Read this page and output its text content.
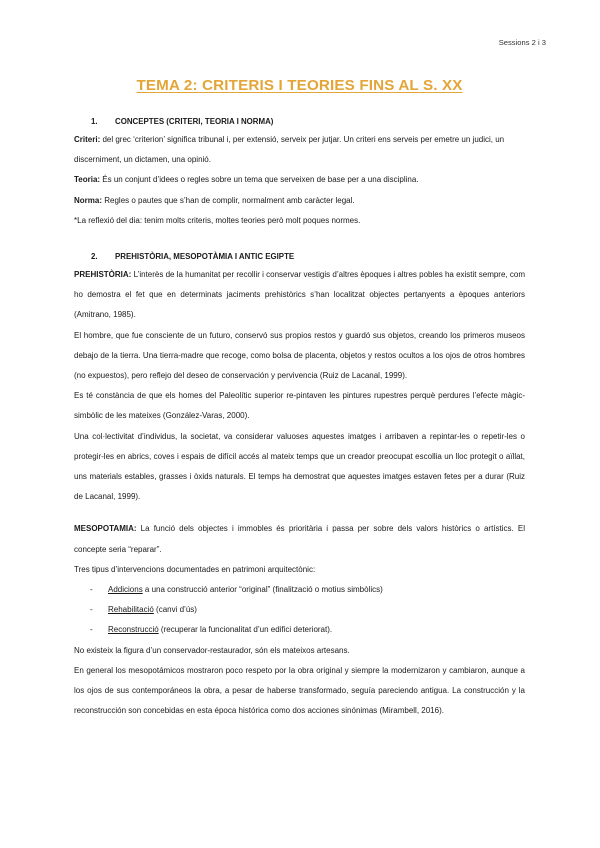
Sessions 2 i 3
TEMA 2: CRITERIS I TEORIES FINS AL S. XX
1. CONCEPTES (CRITERI, TEORIA I NORMA)

Criteri: del grec ‘criterion’ significa tribunal i, per extensió, serveix per jutjar. Un criteri ens serveis per emetre un judici, un discerniment, un dictamen, una opinió.

Teoria: És un conjunt d’idees o regles sobre un tema que serveixen de base per a una disciplina.

Norma: Regles o pautes que s’han de complir, normalment amb caràcter legal.

*La reflexió del dia: tenim molts criteris, moltes teories però molt poques normes.

2. PREHISTÒRIA, MESOPOTÀMIA I ANTIC EGIPTE

PREHISTÒRIA: L’interès de la humanitat per recollir i conservar vestigis d’altres èpoques i altres pobles ha existit sempre, com ho demostra el fet que en determinats jaciments prehistòrics s’han localitzat objectes pertanyents a èpoques anteriors (Amitrano, 1985).

El hombre, que fue consciente de un futuro, conservó sus propios restos y guardó sus objetos, creando los primeros museos debajo de la tierra. Una tierra-madre que recoge, como bolsa de placenta, objetos y restos ocultos a los ojos de otros hombres (no expuestos), pero reflejo del deseo de conservación y pervivencia (Ruiz de Lacanal, 1999).

Es té constància de que els homes del Paleolític superior re-pintaven les pintures rupestres perquè perdures l’efecte màgic-simbòlic de les mateixes (González-Varas, 2000).

Una col·lectivitat d’individus, la societat, va considerar valuoses aquestes imatges i arribaven a repintar-les o repetir-les o protegir-les en abrics, coves i espais de difícil accés al mateix temps que un creador preocupat escollia un lloc protegit o aïllat, uns materials estables, grasses i òxids naturals. El temps ha demostrat que aquestes imatges estaven fetes per a durar (Ruiz de Lacanal, 1999).

MESOPOTAMIA: La funció dels objectes i immobles és prioritària i passa per sobre dels valors històrics o artístics. El concepte seria “reparar”.

Tres tipus d’intervencions documentades en patrimoni arquitectònic:

-	Addicions a una construcció anterior “original” (finalització o motius simbòlics)
-	Rehabilitació (canvi d’ús)
-	Reconstrucció (recuperar la funcionalitat d’un edifici deteriorat).

No existeix la figura d’un conservador-restaurador, són els mateixos artesans.

En general los mesopotámicos mostraron poco respeto por la obra original y siempre la modernizaron y cambiaron, aunque a los ojos de sus contemporáneos la obra, a pesar de haberse transformado, seguía pareciendo antigua. La construcción y la reconstrucción son concebidas en esta época histórica como dos acciones sinónimas (Mirambell, 2016).
